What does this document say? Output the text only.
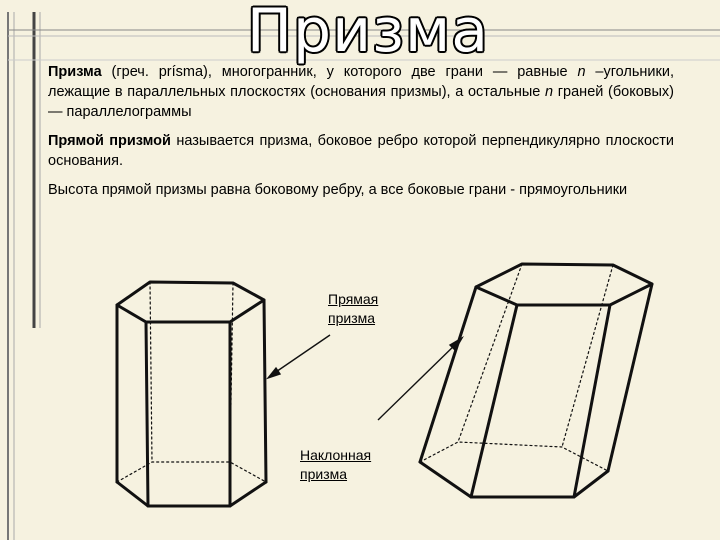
Призма

Призма (греч. prísma), многогранник, у которого две грани — равные n –угольники, лежащие в параллельных плоскостях (основания призмы), а остальные n граней (боковых) — параллелограммы

Прямой призмой называется призма, боковое ребро которой перпендикулярно плоскости основания.

Высота прямой призмы равна боковому ребру, а все боковые грани - прямоугольники

Прямая
призма
Наклонная
призма
